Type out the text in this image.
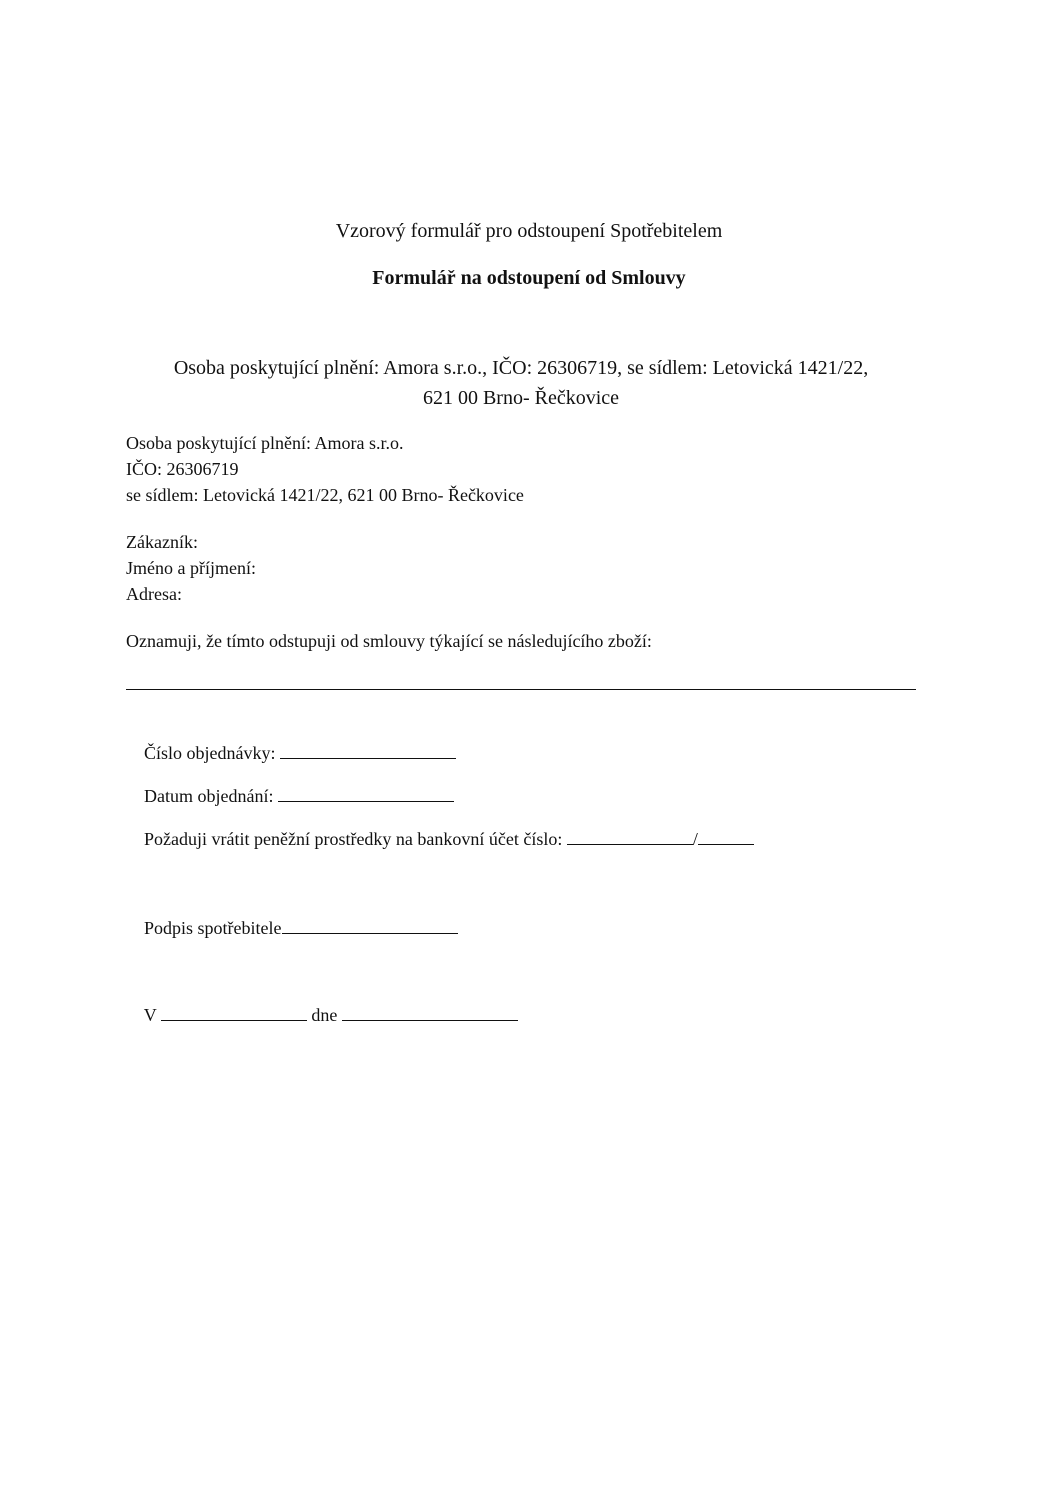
Vzorový formulář pro odstoupení Spotřebitelem
Formulář na odstoupení od Smlouvy
Osoba poskytující plnění: Amora s.r.o., IČO: 26306719, se sídlem: Letovická 1421/22,
621 00 Brno- Řečkovice
Osoba poskytující plnění: Amora s.r.o.
IČO: 26306719
se sídlem: Letovická 1421/22, 621 00 Brno- Řečkovice
Zákazník:
Jméno a příjmení:
Adresa:
Oznamuji, že tímto odstupuji od smlouvy týkající se následujícího zboží:

Číslo objednávky:

Datum objednání:

Požaduji vrátit peněžní prostředky na bankovní účet číslo:	/

Podpis spotřebitele

V	dne
